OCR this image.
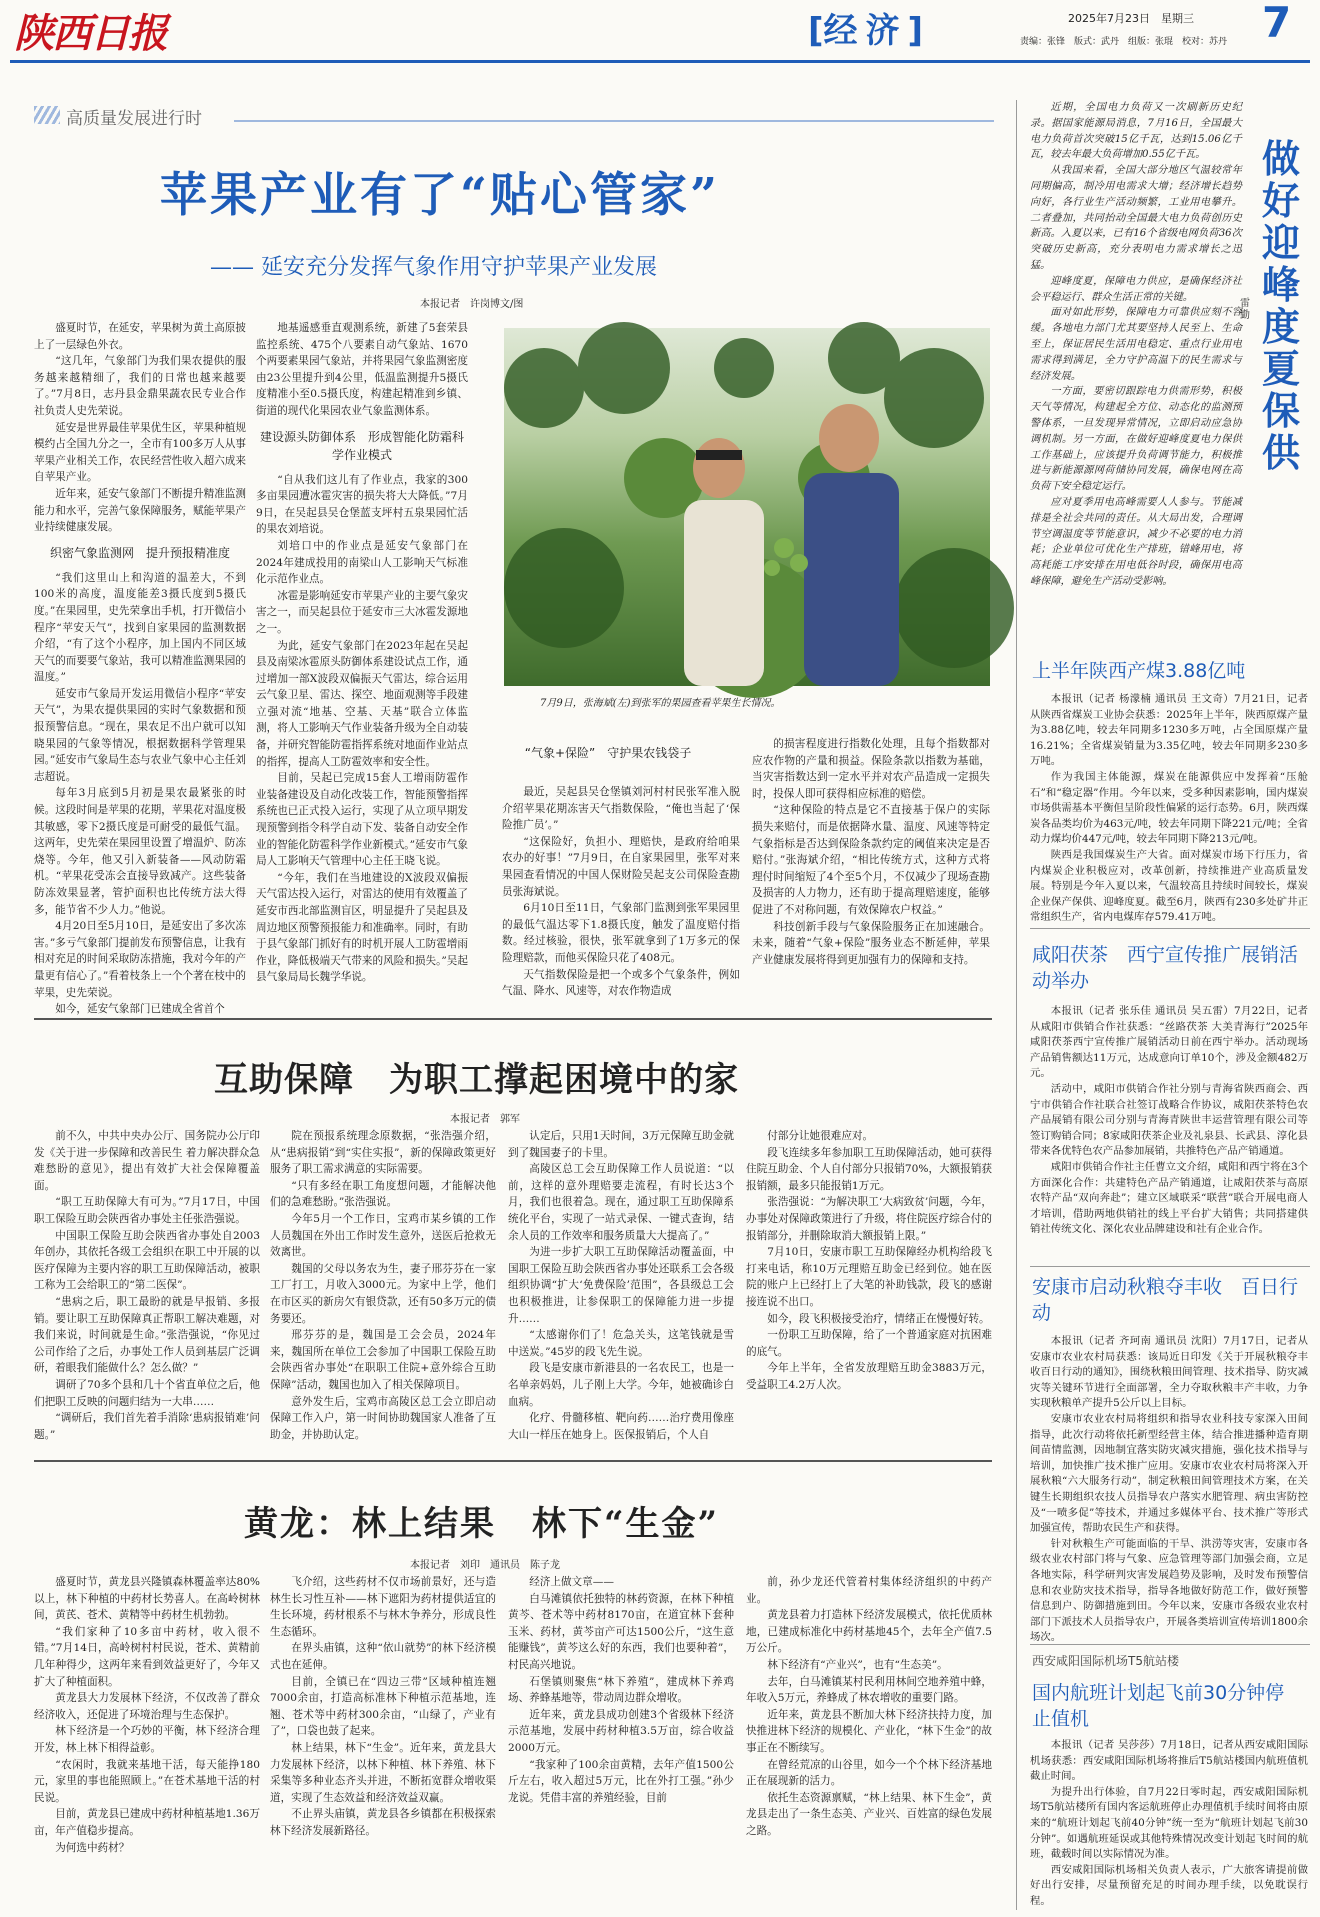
陕西日报	[经济]	2025年7月23日　星期三 7
责编：张锋　版式：武丹　组版：张琨　校对：苏丹
高质量发展进行时
苹果产业有了“贴心管家”
—— 延安充分发挥气象作用守护苹果产业发展
本报记者　许岗博文/图

盛夏时节，在延安，苹果树为黄土高原披上了一层绿色外衣。

“这几年，气象部门为我们果农提供的服务越来越精细了，我们的日常也越来越要了。”7月8日，志丹县金鼎果蔬农民专业合作社负责人史先荣说。

延安是世界最佳苹果优生区，苹果种植规模约占全国九分之一，全市有100多万人从事苹果产业相关工作，农民经营性收入超六成来自苹果产业。

近年来，延安气象部门不断提升精准监测能力和水平，完善气象保障服务，赋能苹果产业持续健康发展。

织密气象监测网　提升预报精准度

“我们这里山上和沟道的温差大，不到100米的高度，温度能差3摄氏度到5摄氏度。”在果园里，史先荣拿出手机，打开微信小程序“苹安天气”，找到自家果园的监测数据介绍，“有了这个小程序，加上国内不同区域天气的而要要气象站，我可以精准监测果园的温度。”

延安市气象局开发运用微信小程序“苹安天气”，为果农提供果园的实时气象数据和预报预警信息。“现在，果农足不出户就可以知晓果园的气象等情况，根据数据科学管理果园。”延安市气象局生态与农业气象中心主任刘志超说。

每年3月底到5月初是果农最紧张的时候。这段时间是苹果的花期，苹果花对温度极其敏感，零下2摄氏度是可耐受的最低气温。这两年，史先荣在果园里设置了增温炉、防冻烧等。今年，他又引入新装备——风动防霜机。“苹果花受冻会直接导致减产。这些装备防冻效果显著，管护面积也比传统方法大得多，能节省不少人力。”他说。

4月20日至5月10日，是延安出了多次冻害。”多亏气象部门提前发布预警信息，让我有相对充足的时间采取防冻措施，我对今年的产量更有信心了。”看着枝条上一个个著在枝中的苹果，史先荣说。

如今，延安气象部门已建成全省首个

地基遥感垂直观测系统，新建了5套荣县监控系统、475个八要素自动气象站、1670个两要素果园气象站，并将果园气象监测密度由23公里提升到4公里，低温监测提升5摄氏度精准小至0.5摄氏度，构建起精准到乡镇、街道的现代化果园农业气象监测体系。

建设源头防御体系　形成智能化防霜科学作业模式

“自从我们这儿有了作业点，我家的300多亩果园遭冰雹灾害的损失将大大降低。”7月9日，在吴起县吴仓堡蓝支坪村五泉果园忙活的果农刘培说。

刘培口中的作业点是延安气象部门在2024年建成投用的南梁山人工影响天气标准化示范作业点。

冰雹是影响延安市苹果产业的主要气象灾害之一，而吴起县位于延安市三大冰雹发源地之一。

为此，延安气象部门在2023年起在吴起县及南梁冰雹原头防御体系建设试点工作，通过增加一部X波段双偏振天气雷达，综合运用云气象卫星、雷达、探空、地面观测等手段建立强对流“地基、空基、天基”联合立体监测，将人工影响天气作业装备升级为全自动装备，并研究智能防雹指挥系统对地面作业站点的指挥，提高人工防雹效率和安全性。

目前，吴起已完成15套人工增雨防雹作业装备建设及自动化改装工作，智能预警指挥系统也已正式投入运行，实现了从立项早期发现预警到指令科学自动下发、装备自动安全作业的智能化防雹科学作业新模式。”延安市气象局人工影响天气管理中心主任王晓飞说。

“今年，我们在当地建设的X波段双偏振天气雷达投入运行，对雷达的使用有效覆盖了延安市西北部监测盲区，明显提升了吴起县及周边地区预警预报能力和准确率。同时，有助于县气象部门抓好有的时机开展人工防雹增雨作业，降低极端天气带来的风险和损失。”吴起县气象局局长魏学华说。

7月9日，张海斌(左)到张军的果园查看苹果生长情况。
“气象+保险”　守护果农钱袋子

最近，吴起县吴仓堡镇刘河村村民张军准入脱介绍苹果花期冻害天气指数保险，“俺也当起了‘保险推广员’。”

“这保险好，负担小、理赔快，是政府给咱果农办的好事！”7月9日，在自家果园里，张军对来果园查看情况的中国人保财险吴起支公司保险查勘员张海斌说。

6月10日至11日，气象部门监测到张军果园里的最低气温达零下1.8摄氏度，触发了温度赔付指数。经过核验，很快，张军就拿到了1万多元的保险理赔款，而他买保险只花了408元。

天气指数保险是把一个或多个气象条件，例如气温、降水、风速等，对农作物造成

的损害程度进行指数化处理，且每个指数都对应农作物的产量和损益。保险条款以指数为基础，当灾害指数达到一定水平并对农产品造成一定损失时，投保人即可获得相应标准的赔偿。

“这种保险的特点是它不直接基于保户的实际损失来赔付，而是依据降水量、温度、风速等特定气象指标是否达到保险条款约定的阈值来决定是否赔付。”张海斌介绍，“相比传统方式，这种方式将理付时间缩短了4个至5个月，不仅减少了现场查勘及损害的人力物力，还有助于提高理赔速度，能够促进了不对称问题，有效保障农户权益。”

科技创新手段与气象保险服务正在加速融合。未来，随着“气象+保险”服务业态不断延伸，苹果产业健康发展将得到更加强有力的保障和支持。

近期，全国电力负荷又一次刷新历史纪录。据国家能源局消息，7月16日，全国最大电力负荷首次突破15亿千瓦，达到15.06亿千瓦，较去年最大负荷增加0.55亿千瓦。

从我国来看，全国大部分地区气温较常年同期偏高，制冷用电需求大增；经济增长趋势向好，各行业生产活动频繁，工业用电攀升。二者叠加，共同抬动全国最大电力负荷创历史新高。入夏以来，已有16个省级电网负荷36次突破历史新高，充分表明电力需求增长之迅猛。

迎峰度夏，保障电力供应，是确保经济社会平稳运行、群众生活正常的关键。

面对如此形势，保障电力可靠供应刻不容缓。各地电力部门尤其要坚持人民至上、生命至上，保证居民生活用电稳定、重点行业用电需求得到满足，全力守护高温下的民生需求与经济发展。

一方面，要密切跟踪电力供需形势，积极天气等情况，构建起全方位、动态化的监测预警体系，一旦发现异常情况，立即启动应急协调机制。另一方面，在做好迎峰度夏电力保供工作基础上，应该提升负荷调节能力，积极推进与新能源源网荷储协同发展，确保电网在高负荷下安全稳定运行。

应对夏季用电高峰需要人人参与。节能减排是全社会共同的责任。从大局出发，合理调节空调温度等节能意识，减少不必要的电力消耗；企业单位可优化生产排班，错峰用电，将高耗能工序安排在用电低谷时段，确保用电高峰保障，避免生产活动受影响。

做好迎峰度夏保供
雷 勤
上半年陕西产煤3.88亿吨

本报讯（记者 杨濛楠 通讯员 王文奇）7月21日，记者从陕西省煤炭工业协会获悉：2025年上半年，陕西原煤产量为3.88亿吨，较去年同期多1230多万吨，占全国原煤产量16.21%；全省煤炭销量为3.35亿吨，较去年同期多230多万吨。

作为我国主体能源，煤炭在能源供应中发挥着“压舱石”和“稳定器”作用。今年以来，受多种因素影响，国内煤炭市场供需基本平衡但呈阶段性偏紧的运行态势。6月，陕西煤炭各品类均价为463元/吨，较去年同期下降221元/吨；全省动力煤均价447元/吨，较去年同期下降213元/吨。

陕西是我国煤炭生产大省。面对煤炭市场下行压力，省内煤炭企业积极应对，改革创新，持续推进产业高质量发展。特别是今年入夏以来，气温较高且持续时间较长，煤炭企业保产保供、迎峰度夏。截至6月，陕西有230多处矿井正常组织生产，省内电煤库存579.41万吨。

咸阳茯茶　西宁宣传推广展销活动举办

本报讯（记者 张乐佳 通讯员 吴五雷）7月22日，记者从咸阳市供销合作社获悉：“丝路茯茶 大美青海行”2025年咸阳茯茶西宁宣传推广展销活动日前在西宁举办。活动现场产品销售额达11万元，达成意向订单10个，涉及金额482万元。

活动中，咸阳市供销合作社分别与青海省陕西商会、西宁市供销合作社联合社签订战略合作协议，咸阳茯茶特色农产品展销有限公司分别与青海青陕世丰运营管理有限公司等签订购销合同；8家咸阳茯茶企业及礼泉县、长武县、淳化县带来各优特色农产品参加展销，共推特色产品产销通道。

咸阳市供销合作社主任曹立文介绍，咸阳和西宁将在3个方面深化合作：共建特色产品产销通道，让咸阳茯茶与高原农特产品“双向奔赴”；建立区域联采“联营”联合开展电商人才培训，借助两地供销社的线上平台扩大销售；共同搭建供销社传统文化、深化农业品牌建设和社有企业合作。

安康市启动秋粮夺丰收　百日行动

本报讯（记者 齐珂南 通讯员 沈阳）7月17日，记者从安康市农业农村局获悉：该局近日印发《关于开展秋粮夺丰收百日行动的通知》，围绕秋粮田间管理、技术指导、防灾减灾等关键环节进行全面部署，全力夺取秋粮丰产丰收，力争实现秋粮单产提升5公斤以上目标。

安康市农业农村局将组织和指导农业科技专家深入田间指导，此次行动将依托新型经营主体，结合推进播种造育期间苗情监测，因地制宜落实防灾减灾措施，强化技术指导与培训，加快推广技术推广应用。安康市农业农村局将深入开展秋粮“六大服务行动”，制定秋粮田间管理技术方案，在关键生长期组织农技人员指导农户落实水肥管理、病虫害防控及“一喷多促”等技术，并通过多媒体平台、技术推广等形式加强宣传，帮助农民生产和获得。

针对秋粮生产可能面临的干旱、洪涝等灾害，安康市各级农业农村部门将与气象、应急管理等部门加强会商，立足各地实际，科学研判灾害发展趋势及影响，及时发布预警信息和农业防灾技术指导，指导各地做好防范工作，做好预警信息到户、防御措施到田。今年以来，安康市各级农业农村部门下派技术人员指导农户，开展各类培训宣传培训1800余场次。

西安咸阳国际机场T5航站楼
国内航班计划起飞前30分钟停止值机

本报讯（记者 吴莎莎）7月18日，记者从西安咸阳国际机场获悉：西安咸阳国际机场将推后T5航站楼国内航班值机截止时间。

为提升出行体验，自7月22日零时起，西安咸阳国际机场T5航站楼所有国内客运航班停止办理值机手续时间将由原来的“航班计划起飞前40分钟”统一至为“航班计划起飞前30分钟”。如遇航班延误或其他特殊情况改变计划起飞时间的航班，截载时间以实际情况为准。

西安咸阳国际机场相关负责人表示，广大旅客请提前做好出行安排，尽量预留充足的时间办理手续，以免耽误行程。

互助保障　为职工撑起困境中的家
本报记者　郭军

前不久，中共中央办公厅、国务院办公厅印发《关于进一步保障和改善民生 着力解决群众急难愁盼的意见》，提出有效扩大社会保障覆盖面。

“职工互助保障大有可为。”7月17日，中国职工保险互助会陕西省办事处主任张浩强说。

中国职工保险互助会陕西省办事处自2003年创办，其依托各级工会组织在职工中开展的以医疗保障为主要内容的职工互助保障活动，被职工称为工会给职工的“第二医保”。

“患病之后，职工最盼的就是早报销、多报销。要让职工互助保障真正帮职工解决难题，对我们来说，时间就是生命。”张浩强说，“你见过公司作给了之后，办事处工作人员到基层广泛调研，着眼我们能做什么？怎么做？”

调研了70多个县和几十个省直单位之后，他们把职工反映的问题归结为一大串……

“调研后，我们首先着手消除‘患病报销难’问题。”

院在预报系统理念原数据，“张浩强介绍，从“患病报销”到“实住实报”，新的保障政策更好服务了职工需求满意的实际需要。

“只有多经在职工角度想问题，才能解决他们的急难愁盼。”张浩强说。

今年5月一个工作日，宝鸡市某乡镇的工作人员魏国在外出工作时发生意外，送医后抢救无效离世。

魏国的父母以务农为生，妻子邢芬芬在一家工厂打工，月收入3000元。为家中上学，他们在市区买的新房欠有银贷款，还有50多万元的债务要还。

邢芬芬的是，魏国是工会会员，2024年来，魏国所在单位工会参加了中国职工保险互助会陕西省办事处“在职职工住院+意外综合互助保障”活动，魏国也加入了相关保障项目。

意外发生后，宝鸡市高陵区总工会立即启动保障工作入户，第一时间协助魏国家人准备了互助金，并协助认定。

认定后，只用1天时间，3万元保障互助金就到了魏国妻子的卡里。

高陵区总工会互助保障工作人员说道：“以前，这样的意外理赔要走流程，有时长达3个月，我们也很着急。现在，通过职工互助保障系统化平台，实现了一站式录保、一键式查询，结余人员的工作效率和服务质量大大提高了。”

为进一步扩大职工互助保障活动覆盖面，中国职工保险互助会陕西省办事处还联系工会各级组织协调“扩大‘免费保险’范围”，各县级总工会也积极推进，让参保职工的保障能力进一步提升……

“太感谢你们了！危急关头，这笔钱就是雪中送炭。”45岁的段飞先生说。

段飞是安康市新港县的一名农民工，也是一名单亲妈妈，儿子刚上大学。今年，她被确诊白血病。

化疗、骨髓移植、靶向药……治疗费用像座大山一样压在她身上。医保报销后，个人自

付部分让她很难应对。

段飞连续多年参加职工互助保障活动，她可获得住院互助金、个人自付部分只报销70%，大额报销获报销额，最多只能报销1万元。

张浩强说：“为解决职工‘大病致贫’问题，今年，办事处对保障政策进行了升级，将住院医疗综合付的报销部分，并删除取消大额报销上限。”

7月10日，安康市职工互助保障经办机构给段飞打来电话，称10万元理赔互助金已经到位。她在医院的账户上已经打上了大笔的补助钱款，段飞的感谢接连说不出口。

如今，段飞积极接受治疗，情绪正在慢慢好转。

一份职工互助保障，给了一个普通家庭对抗困难的底气。

今年上半年，全省发放理赔互助金3883万元，受益职工4.2万人次。

黄龙：林上结果　林下“生金”
本报记者　刘印　通讯员　陈子龙

盛夏时节，黄龙县兴隆镇森林覆盖率达80%以上，林下种植的中药材长势喜人。在高岭树林间，黄芪、苍术、黄精等中药材生机勃勃。

“我们家种了10多亩中药材，收入很不错。”7月14日，高岭树村村民说，苍术、黄精前几年种得少，这两年来看到效益更好了，今年又扩大了种植面积。

黄龙县大力发展林下经济，不仅改善了群众经济收入，还促进了环境治理与生态保护。

林下经济是一个巧妙的平衡，林下经济合理开发，林上林下相得益彰。

“农闲时，我就来基地干活，每天能挣180元，家里的事也能照顾上。”在苍术基地干活的村民说。

目前，黄龙县已建成中药材种植基地1.36万亩，年产值稳步提高。

为何选中药材？

飞介绍，这些药材不仅市场前景好，还与造林生长习性互补——林下遮阳为药材提供适宜的生长环境，药材根系不与林木争养分，形成良性生态循环。

在界头庙镇，这种“依山就势”的林下经济模式也在延伸。

目前，全镇已在“四边三带”区域种植连翘7000余亩，打造高标准林下种植示范基地，连翘、苍术等中药材300余亩，“山绿了，产业有了”，口袋也鼓了起来。

林上结果，林下“生金”。近年来，黄龙县大力发展林下经济，以林下种植、林下养殖、林下采集等多种业态齐头并进，不断拓宽群众增收渠道，实现了生态效益和经济效益双赢。

不止界头庙镇，黄龙县各乡镇都在积极探索林下经济发展新路径。

经济上做文章——

白马滩镇依托独特的林药资源，在林下种植黄芩、苍术等中药材8170亩，在道宜林下套种玉米、药材，黄芩亩产可达1500公斤，“这生意能赚钱”，黄芩这么好的东西，我们也要种着”，村民高兴地说。

石堡镇则聚焦“林下养殖”，建成林下养鸡场、养蜂基地等，带动周边群众增收。

近年来，黄龙县成功创建3个省级林下经济示范基地，发展中药材种植3.5万亩，综合收益2000万元。

“我家种了100余亩黄精，去年产值1500公斤左右，收入超过5万元，比在外打工强。”孙少龙说。凭借丰富的养殖经验，目前

前，孙少龙还代管着村集体经济组织的中药产业。

黄龙县着力打造林下经济发展模式，依托优质林地，已建成标准化中药材基地45个，去年全产值7.5万公斤。

林下经济有“产业兴”，也有“生态美”。

去年，白马滩镇某村民利用林间空地养殖中蜂，年收入5万元，养蜂成了林农增收的重要门路。

近年来，黄龙县不断加大林下经济扶持力度，加快推进林下经济的规模化、产业化，“林下生金”的故事正在不断续写。

在曾经荒凉的山谷里，如今一个个林下经济基地正在展现新的活力。

依托生态资源禀赋，“林上结果、林下生金”，黄龙县走出了一条生态美、产业兴、百姓富的绿色发展之路。
